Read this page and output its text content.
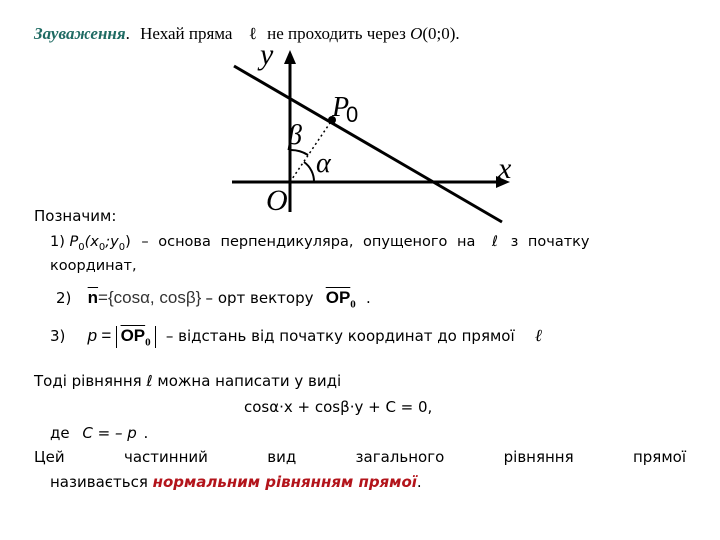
Зауваження. Нехай пряма ℓ не проходить через O(0;0).
y
x
P
0
β
α
O
Позначим:
1) $P_0(x_0;y_0)$ – основа перпендикуляра, опущеного на ℓ з початку
координат,
2) $\overline{n}=\{\cos\alpha$, cosβ} – орт вектору $\overline{OP}_0$ .
3) $p = \overline{OP}_0$ – відстань від початку координат до прямої ℓ
Тоді рівняння ℓ можна написати у виді
cosα·x + cosβ·y + C = 0,
де C = – p .
Цей частинний вид загального рівняння прямої
називається нормальним рівнянням прямої.
